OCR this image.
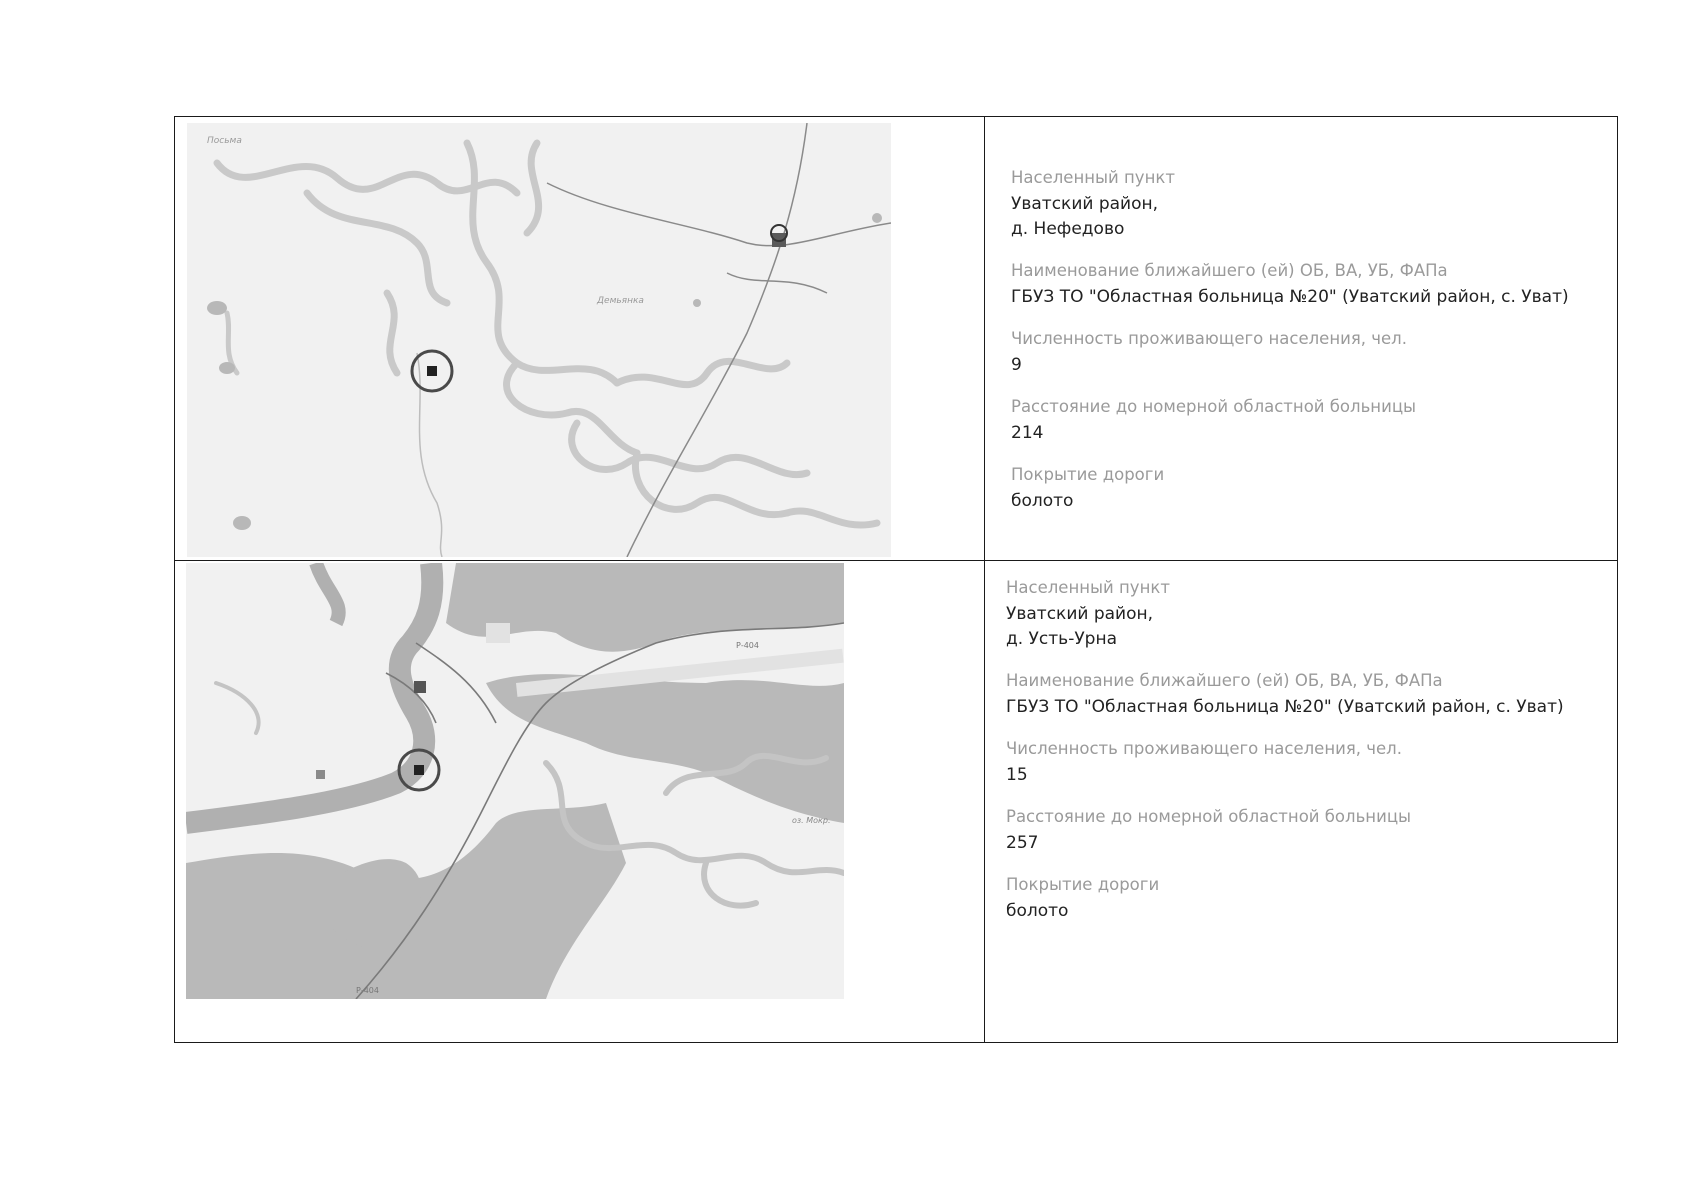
Посьма
Демьянка
Населенный пункт
Уватский район,
д. Нефедово
Наименование ближайшего (ей) ОБ, ВА, УБ, ФАПа
ГБУЗ ТО "Областная больница №20" (Уватский район, с. Уват)
Численность проживающего населения, чел.
9
Расстояние до номерной областной больницы
214
Покрытие дороги
болото
Р-404
Р-404
оз. Мокр.
Населенный пункт
Уватский район,
д. Усть-Урна
Наименование ближайшего (ей) ОБ, ВА, УБ, ФАПа
ГБУЗ ТО "Областная больница №20" (Уватский район, с. Уват)
Численность проживающего населения, чел.
15
Расстояние до номерной областной больницы
257
Покрытие дороги
болото
